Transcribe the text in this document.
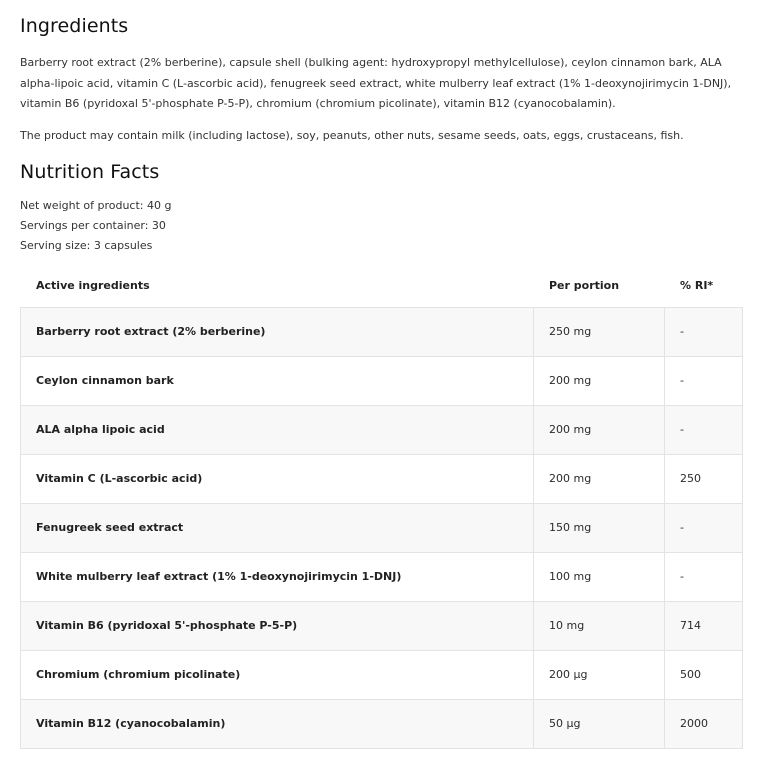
Ingredients

Barberry root extract (2% berberine), capsule shell (bulking agent: hydroxypropyl methylcellulose), ceylon cinnamon bark, ALA alpha-lipoic acid, vitamin C (L-ascorbic acid), fenugreek seed extract, white mulberry leaf extract (1% 1-deoxynojirimycin 1-DNJ), vitamin B6 (pyridoxal 5'-phosphate P-5-P), chromium (chromium picolinate), vitamin B12 (cyanocobalamin).

The product may contain milk (including lactose), soy, peanuts, other nuts, sesame seeds, oats, eggs, crustaceans, fish.

Nutrition Facts
Net weight of product: 40 g
Servings per container: 30
Serving size: 3 capsules
Active ingredients	Per portion	% RI*
Barberry root extract (2% berberine)	250 mg	-
Ceylon cinnamon bark	200 mg	-
ALA alpha lipoic acid	200 mg	-
Vitamin C (L-ascorbic acid)	200 mg	250
Fenugreek seed extract	150 mg	-
White mulberry leaf extract (1% 1-deoxynojirimycin 1-DNJ)	100 mg	-
Vitamin B6 (pyridoxal 5'-phosphate P-5-P)	10 mg	714
Chromium (chromium picolinate)	200 µg	500
Vitamin B12 (cyanocobalamin)	50 µg	2000
